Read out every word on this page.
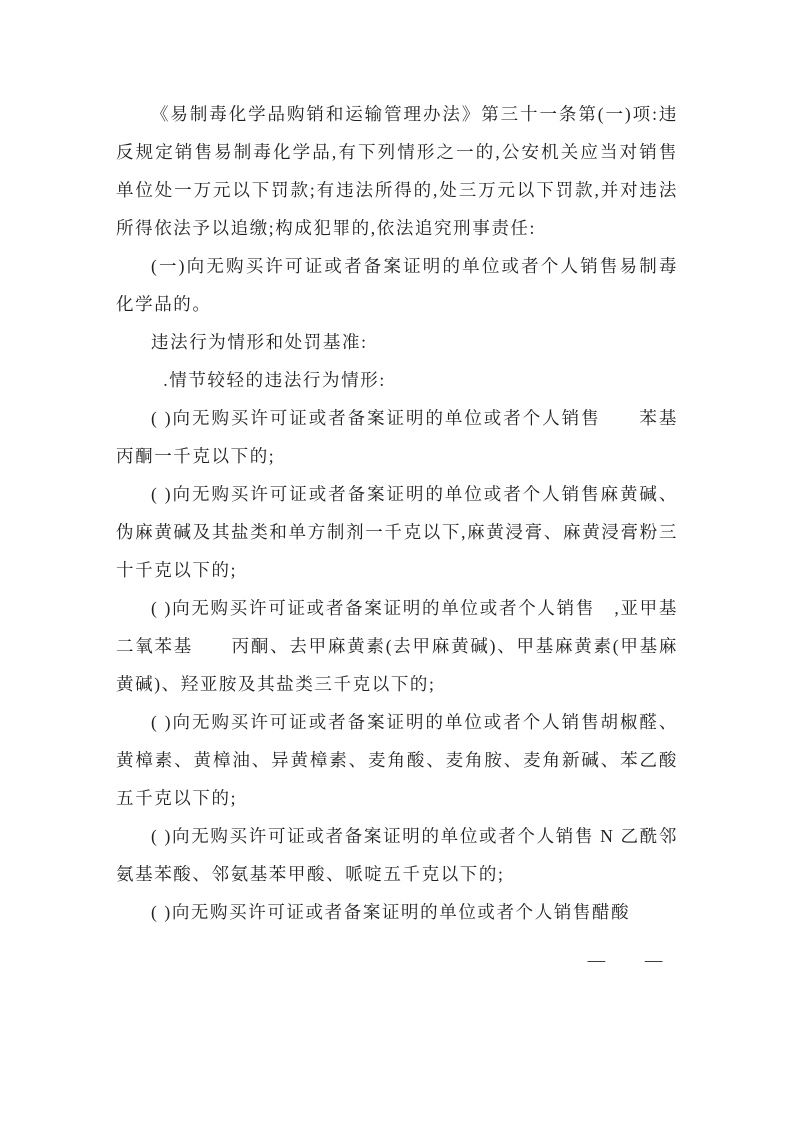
《易制毒化学品购销和运输管理办法》第三十一条第(一)项:违反规定销售易制毒化学品,有下列情形之一的,公安机关应当对销售单位处一万元以下罚款;有违法所得的,处三万元以下罚款,并对违法所得依法予以追缴;构成犯罪的,依法追究刑事责任:

(一)向无购买许可证或者备案证明的单位或者个人销售易制毒化学品的。

违法行为情形和处罚基准:

.情节较轻的违法行为情形:

( )向无购买许可证或者备案证明的单位或者个人销售　　苯基　　丙酮一千克以下的;

( )向无购买许可证或者备案证明的单位或者个人销售麻黄碱、伪麻黄碱及其盐类和单方制剂一千克以下,麻黄浸膏、麻黄浸膏粉三十千克以下的;

( )向无购买许可证或者备案证明的单位或者个人销售　,亚甲基二氧苯基　　丙酮、去甲麻黄素(去甲麻黄碱)、甲基麻黄素(甲基麻黄碱)、羟亚胺及其盐类三千克以下的;

( )向无购买许可证或者备案证明的单位或者个人销售胡椒醛、黄樟素、黄樟油、异黄樟素、麦角酸、麦角胺、麦角新碱、苯乙酸五千克以下的;

( )向无购买许可证或者备案证明的单位或者个人销售 N 乙酰邻氨基苯酸、邻氨基苯甲酸、哌啶五千克以下的;

( )向无购买许可证或者备案证明的单位或者个人销售醋酸

—　　—
